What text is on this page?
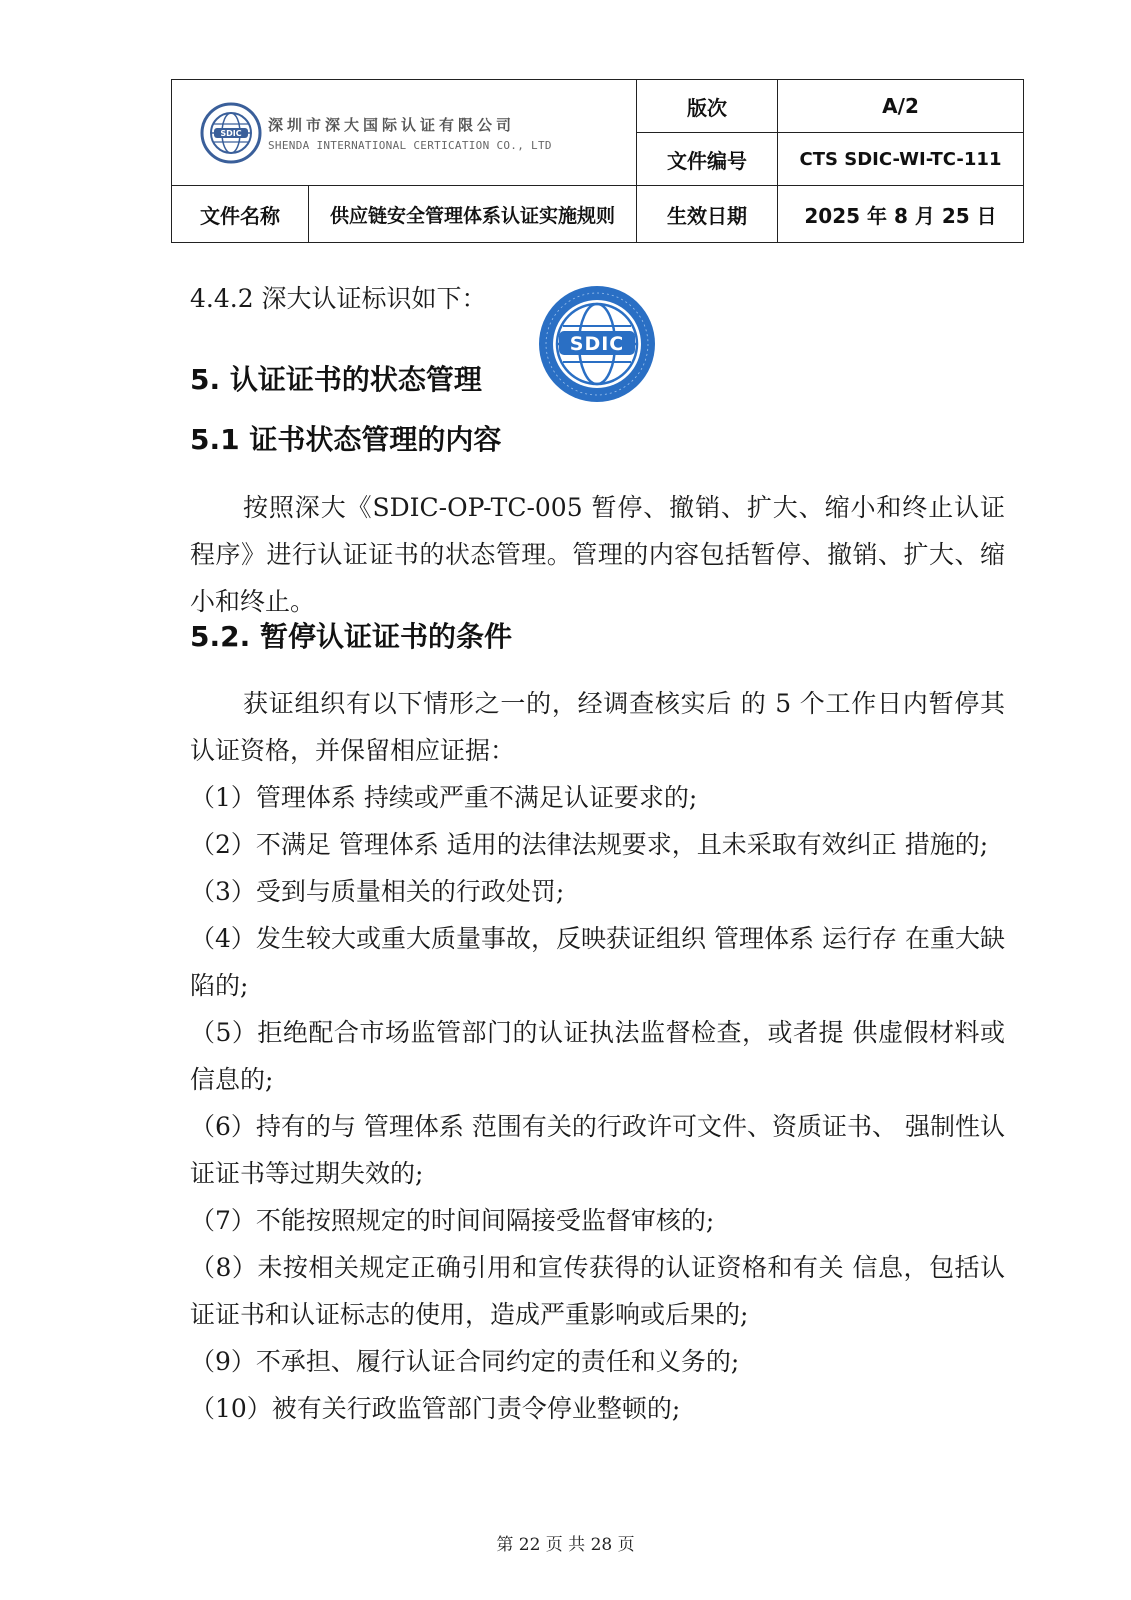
SDIC 深圳市深大国际认证有限公司
SHENDA INTERNATIONAL CERTICATION CO., LTD		版次	A/2
		文件编号	CTS SDIC-WI-TC-111
文件名称	供应链安全管理体系认证实施规则	生效日期	2025 年 8 月 25 日
4.4.2 深大认证标识如下：
SDIC
5. 认证证书的状态管理
5.1 证书状态管理的内容
按照深大《SDIC-OP-TC-005 暂停、撤销、扩大、缩小和终止认证程序》进行认证证书的状态管理。管理的内容包括暂停、撤销、扩大、缩小和终止。
5.2. 暂停认证证书的条件
获证组织有以下情形之一的，经调查核实后 的 5 个工作日内暂停其认证资格，并保留相应证据：
（1）管理体系 持续或严重不满足认证要求的;
（2）不满足 管理体系 适用的法律法规要求，且未采取有效纠正 措施的;
（3）受到与质量相关的行政处罚;
（4）发生较大或重大质量事故，反映获证组织 管理体系 运行存 在重大缺陷的;
（5）拒绝配合市场监管部门的认证执法监督检查，或者提 供虚假材料或信息的;
（6）持有的与 管理体系 范围有关的行政许可文件、资质证书、 强制性认证证书等过期失效的;
（7）不能按照规定的时间间隔接受监督审核的;
（8）未按相关规定正确引用和宣传获得的认证资格和有关 信息，包括认证证书和认证标志的使用，造成严重影响或后果的;
（9）不承担、履行认证合同约定的责任和义务的;
（10）被有关行政监管部门责令停业整顿的;
第 22 页 共 28 页
